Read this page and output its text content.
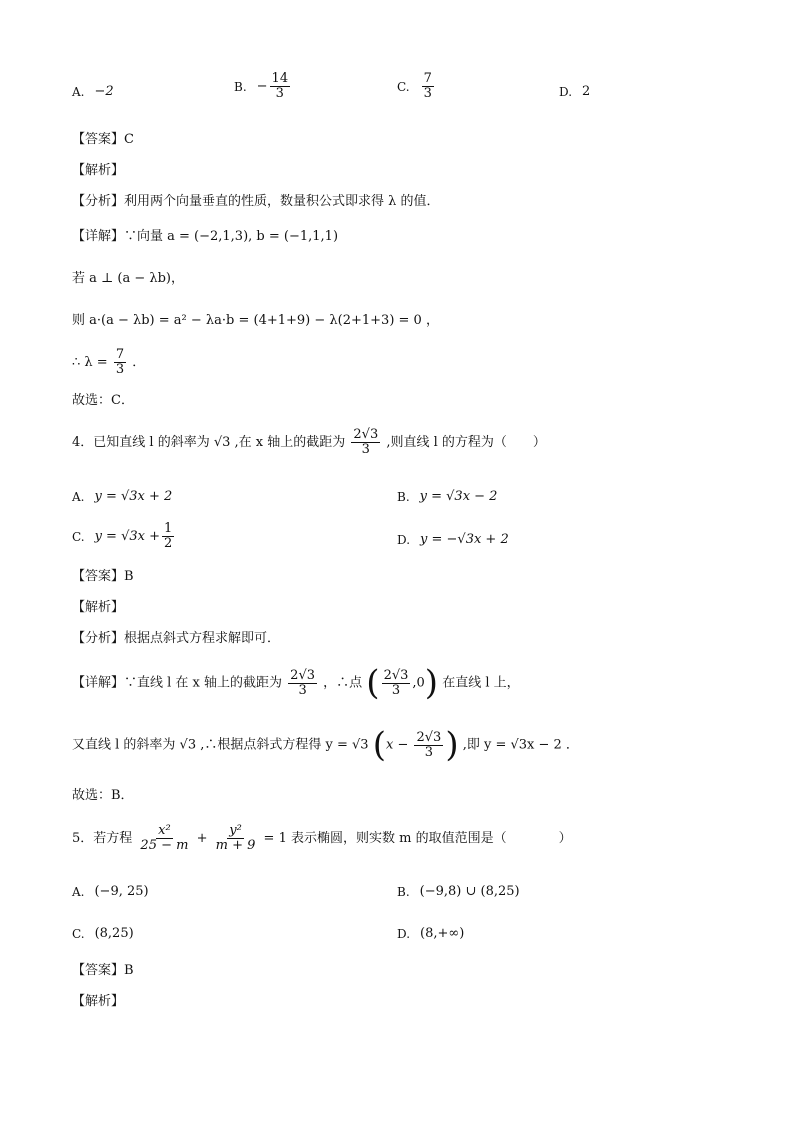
A. −2	B. − $\frac{14}{3}$	C. $\frac{7}{3}$	D. 2
【答案】C
【解析】
【分析】利用两个向量垂直的性质，数量积公式即求得 λ 的值．
【详解】∵向量 a = (−2,1,3), b = (−1,1,1)
若 a ⊥ (a − λb)，
则 a·(a − λb) = a² − λa·b = (4+1+9) − λ(2+1+3) = 0 ，
∴ $\lambda = \frac{7}{3}$ ．
故选：C．
4．已知直线 l 的斜率为 √3 ,在 x 轴上的截距为 $\frac{2√3}{3}$ ,则直线 l 的方程为（　　）
A. y = √3x + 2	B. y = √3x − 2
C. $y = √3x + \frac{1}{2}$	D. y = −√3x + 2
【答案】B
【解析】
【分析】根据点斜式方程求解即可．
【详解】∵直线 l 在 x 轴上的截距为 $\frac{2√3}{3}$ ，∴点 ( $\frac{2√3}{3} ,0$) 在直线 l 上，
又直线 l 的斜率为 √3 ,∴根据点斜式方程得 y = √3 ($x - \frac{2√3}{3}$ ) ,即 y = √3x − 2 ．
故选：B．
5．若方程 $\frac{\text{x²}}{25 - m} + \frac{\text{y²}}{m + 9} = 1$ 表示椭圆，则实数 m 的取值范围是（　　　　）
A. (−9, 25)	B. (−9,8) ∪ (8,25)
C. (8,25)	D. (8,+∞)
【答案】B
【解析】
